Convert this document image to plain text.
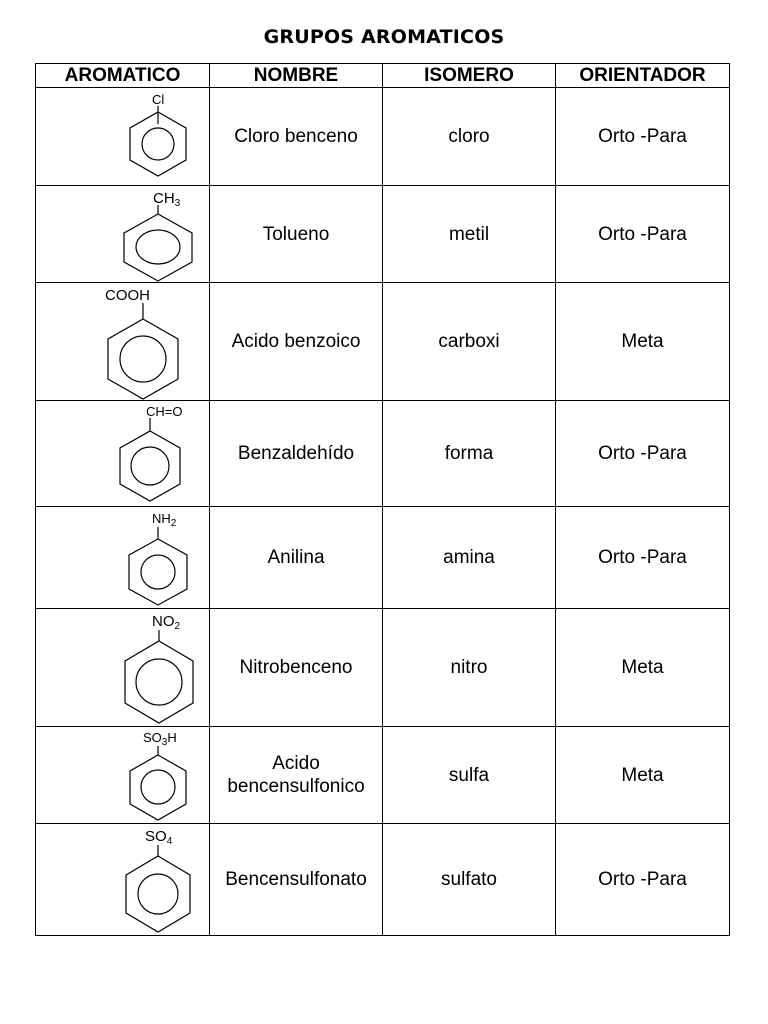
GRUPOS AROMATICOS
AROMATICO	NOMBRE	ISOMERO	ORIENTADOR

Cl	Cloro benceno	cloro	Orto -Para

$CH_3$	Tolueno	metil	Orto -Para

COOH	Acido benzoico	carboxi	Meta

CH=O	Benzaldehído	forma	Orto -Para

$NH_2$	Anilina	amina	Orto -Para

$NO_2$	Nitrobenceno	nitro	Meta

$SO_3H$	Acido bencensulfonico	sulfa	Meta

$SO_4$	Bencensulfonato	sulfato	Orto -Para
